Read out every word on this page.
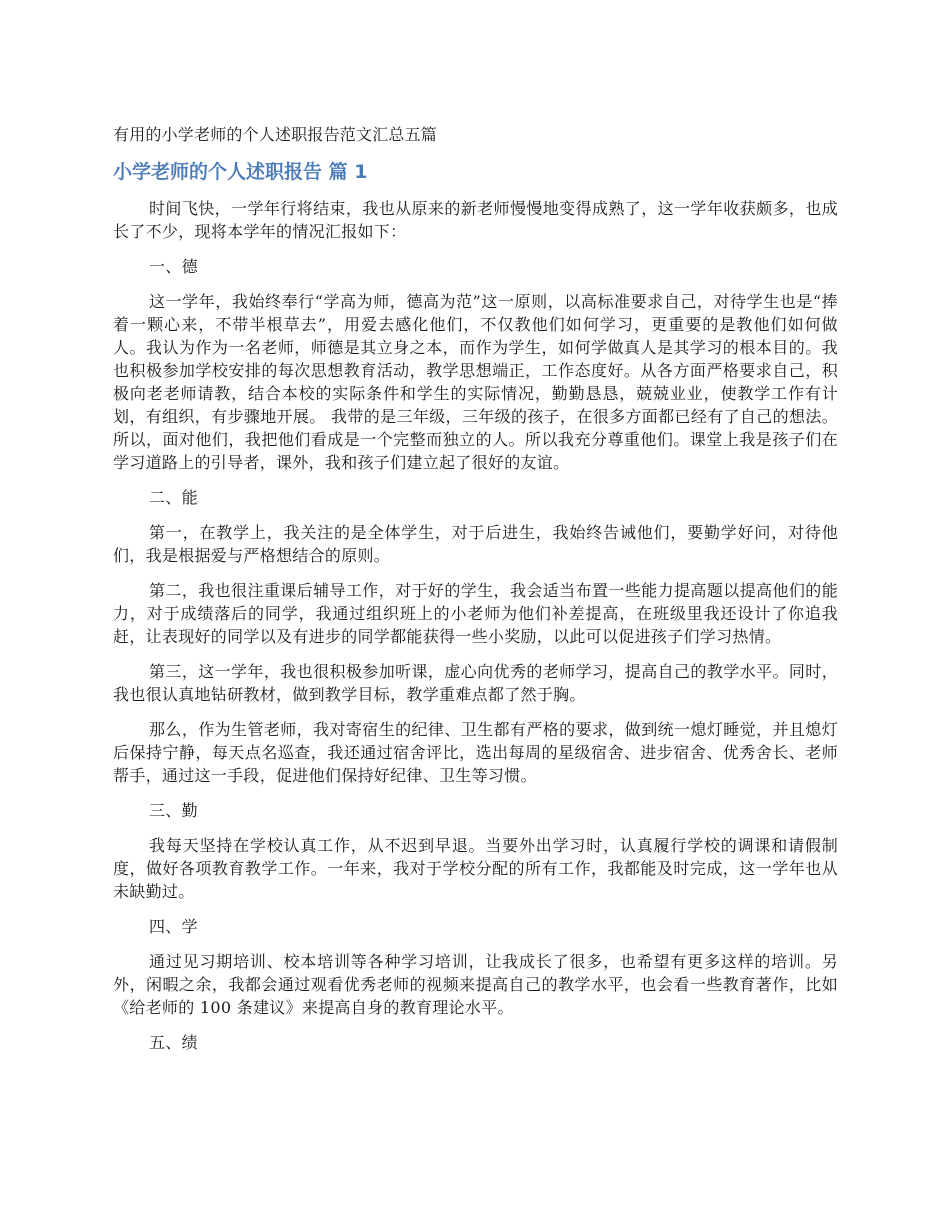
有用的小学老师的个人述职报告范文汇总五篇

小学老师的个人述职报告 篇 1

时间飞快，一学年行将结束，我也从原来的新老师慢慢地变得成熟了，这一学年收获颇多，也成长了不少，现将本学年的情况汇报如下：

一、德

这一学年，我始终奉行“学高为师，德高为范”这一原则，以高标准要求自己，对待学生也是“捧着一颗心来，不带半根草去”，用爱去感化他们，不仅教他们如何学习，更重要的是教他们如何做人。我认为作为一名老师，师德是其立身之本，而作为学生，如何学做真人是其学习的根本目的。我也积极参加学校安排的每次思想教育活动，教学思想端正，工作态度好。从各方面严格要求自己，积极向老老师请教，结合本校的实际条件和学生的实际情况，勤勤恳恳，兢兢业业，使教学工作有计划，有组织，有步骤地开展。 我带的是三年级，三年级的孩子，在很多方面都已经有了自己的想法。所以，面对他们，我把他们看成是一个完整而独立的人。所以我充分尊重他们。课堂上我是孩子们在学习道路上的引导者，课外，我和孩子们建立起了很好的友谊。

二、能

第一，在教学上，我关注的是全体学生，对于后进生，我始终告诫他们，要勤学好问，对待他们，我是根据爱与严格想结合的原则。

第二，我也很注重课后辅导工作，对于好的学生，我会适当布置一些能力提高题以提高他们的能力，对于成绩落后的同学，我通过组织班上的小老师为他们补差提高，在班级里我还设计了你追我赶，让表现好的同学以及有进步的同学都能获得一些小奖励，以此可以促进孩子们学习热情。

第三，这一学年，我也很积极参加听课，虚心向优秀的老师学习，提高自己的教学水平。同时，我也很认真地钻研教材，做到教学目标，教学重难点都了然于胸。

那么，作为生管老师，我对寄宿生的纪律、卫生都有严格的要求，做到统一熄灯睡觉，并且熄灯后保持宁静，每天点名巡查，我还通过宿舍评比，选出每周的星级宿舍、进步宿舍、优秀舍长、老师帮手，通过这一手段，促进他们保持好纪律、卫生等习惯。

三、勤

我每天坚持在学校认真工作，从不迟到早退。当要外出学习时，认真履行学校的调课和请假制度，做好各项教育教学工作。一年来，我对于学校分配的所有工作，我都能及时完成，这一学年也从未缺勤过。

四、学

通过见习期培训、校本培训等各种学习培训，让我成长了很多，也希望有更多这样的培训。另外，闲暇之余，我都会通过观看优秀老师的视频来提高自己的教学水平，也会看一些教育著作，比如《给老师的 100 条建议》来提高自身的教育理论水平。

五、绩
